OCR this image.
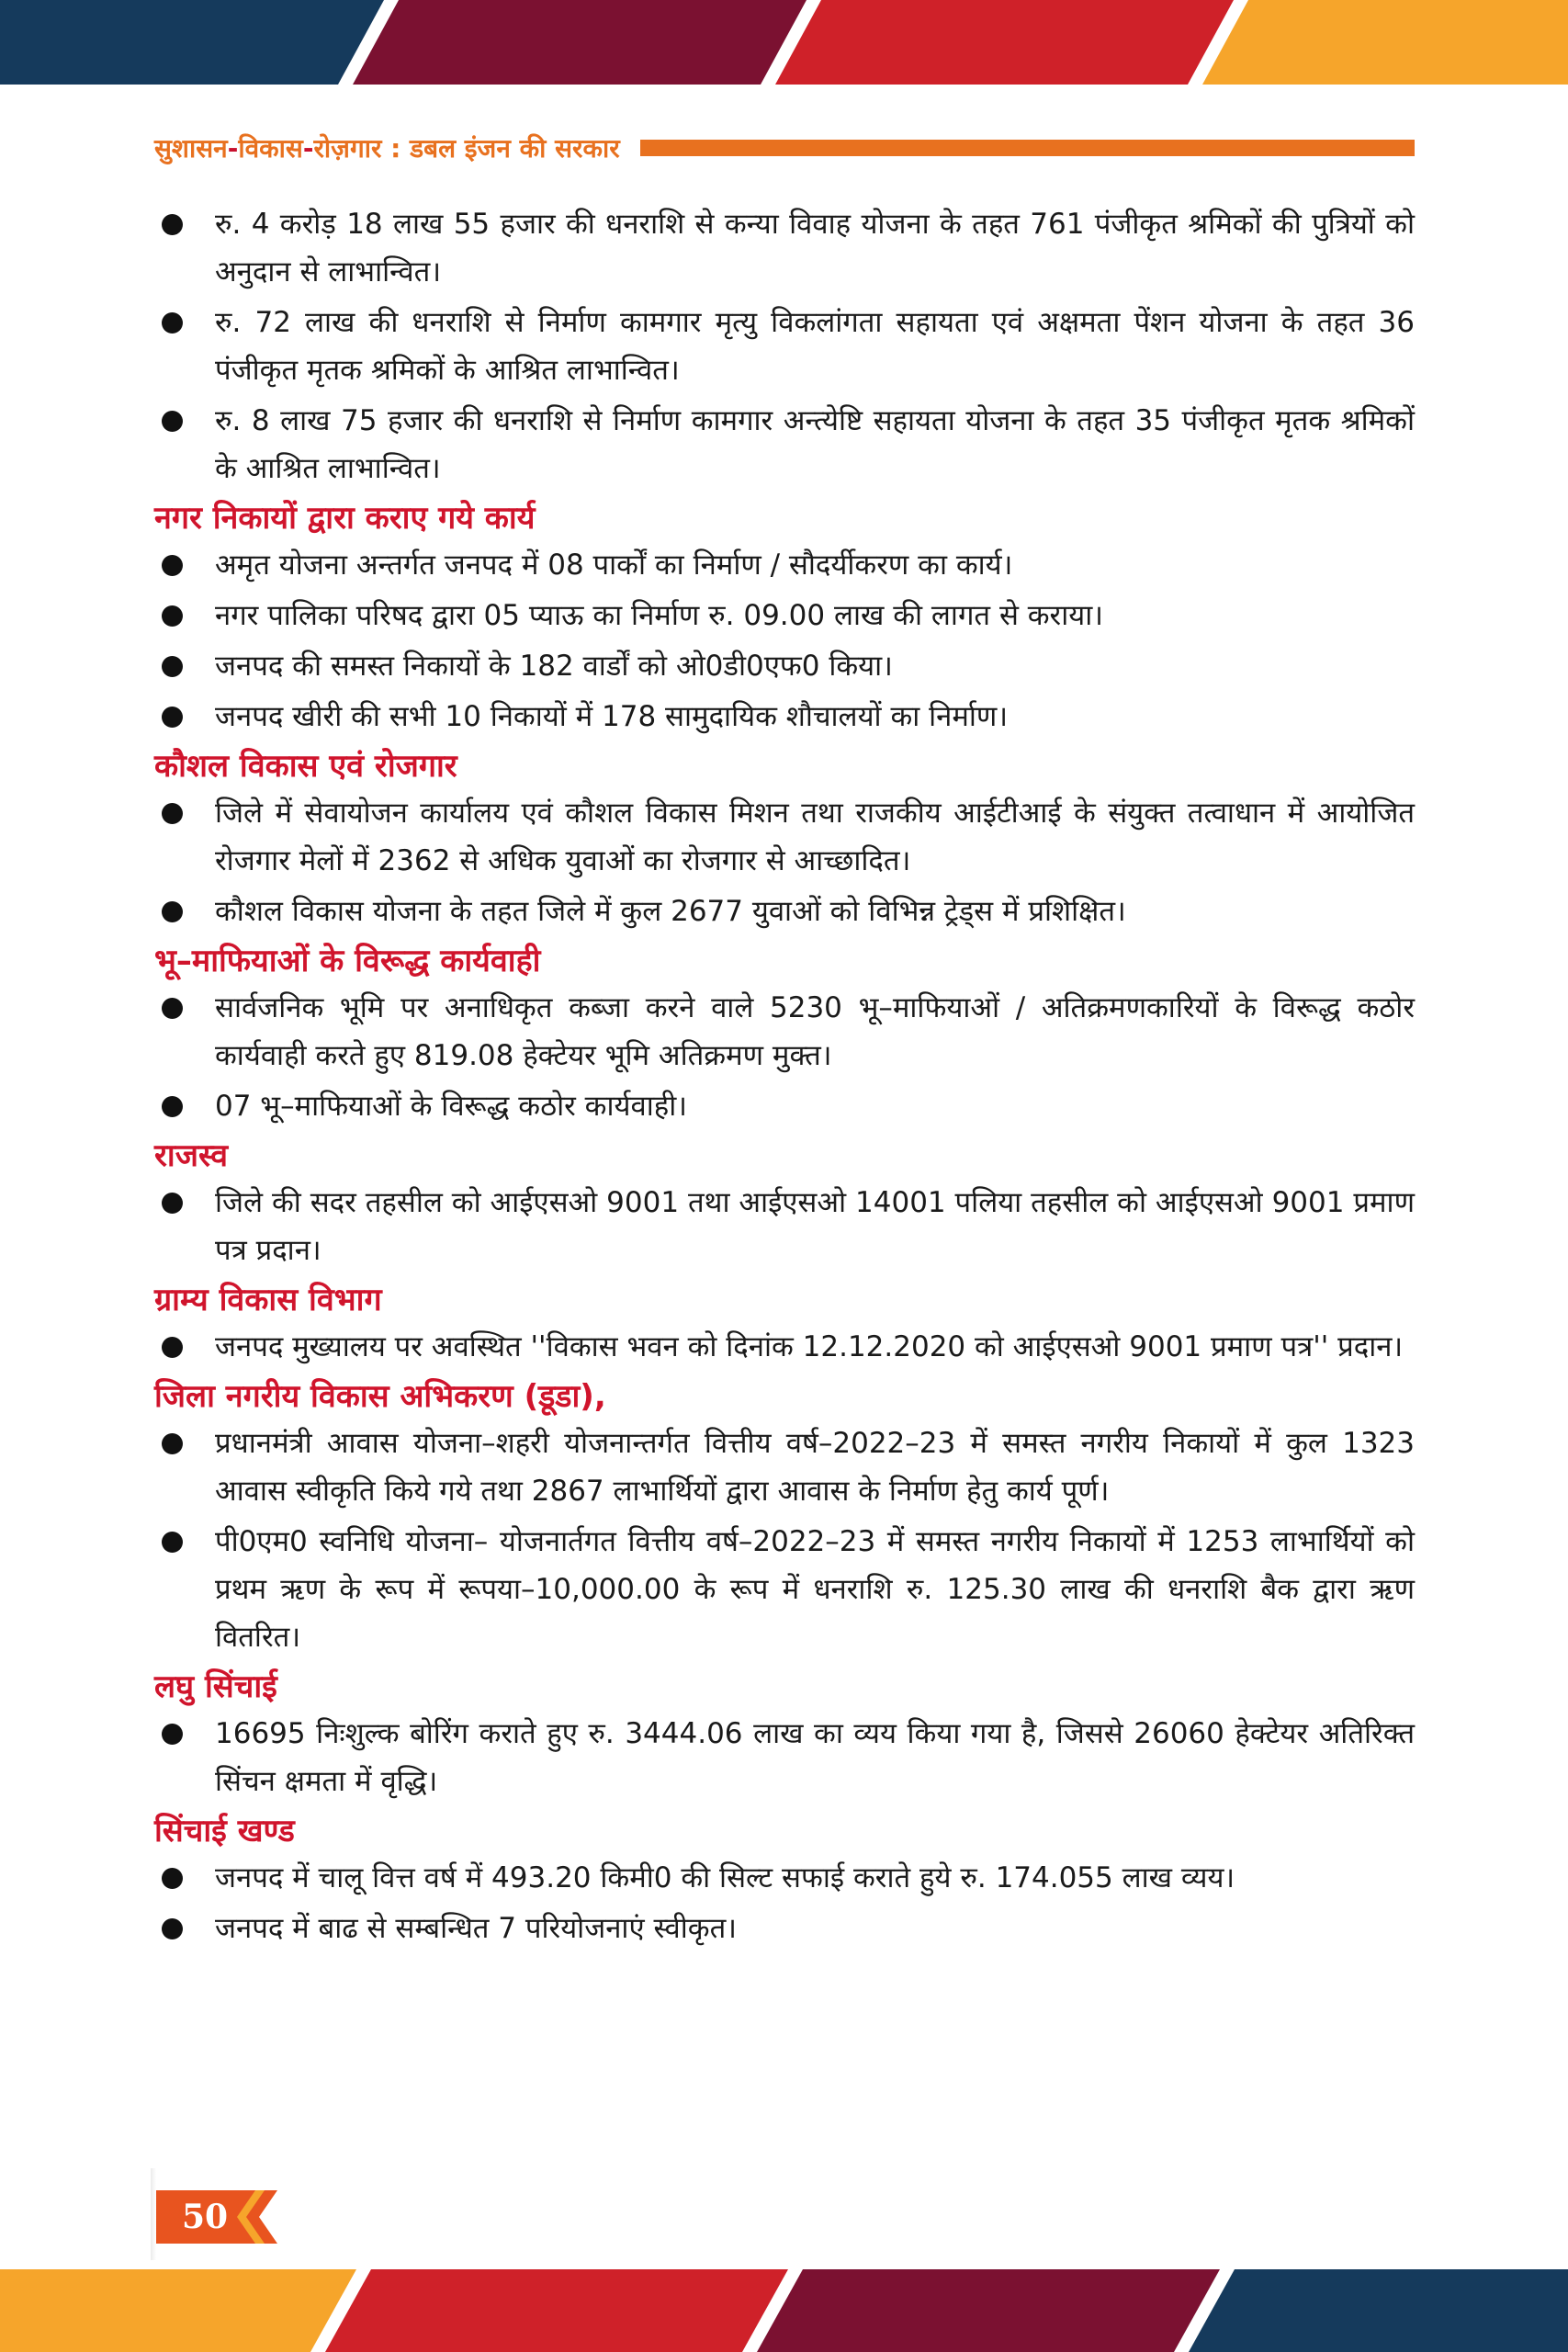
सुशासन-विकास-रोज़गार : डबल इंजन की सरकार
रु. 4 करोड़ 18 लाख 55 हजार की धनराशि से कन्या विवाह योजना के तहत 761 पंजीकृत श्रमिकों की पुत्रियों को अनुदान से लाभान्वित।
रु. 72 लाख की धनराशि से निर्माण कामगार मृत्यु विकलांगता सहायता एवं अक्षमता पेंशन योजना के तहत 36 पंजीकृत मृतक श्रमिकों के आश्रित लाभान्वित।
रु. 8 लाख 75 हजार की धनराशि से निर्माण कामगार अन्त्येष्टि सहायता योजना के तहत 35 पंजीकृत मृतक श्रमिकों के आश्रित लाभान्वित।
नगर निकायों द्वारा कराए गये कार्य
अमृत योजना अन्तर्गत जनपद में 08 पार्कों का निर्माण / सौदर्यीकरण का कार्य।
नगर पालिका परिषद द्वारा 05 प्याऊ का निर्माण रु. 09.00 लाख की लागत से कराया।
जनपद की समस्त निकायों के 182 वार्डों को ओ0डी0एफ0 किया।
जनपद खीरी की सभी 10 निकायों में 178 सामुदायिक शौचालयों का निर्माण।
कौशल विकास एवं रोजगार
जिले में सेवायोजन कार्यालय एवं कौशल विकास मिशन तथा राजकीय आईटीआई के संयुक्त तत्वाधान में आयोजित रोजगार मेलों में 2362 से अधिक युवाओं का रोजगार से आच्छादित।
कौशल विकास योजना के तहत जिले में कुल 2677 युवाओं को विभिन्न ट्रेड्स में प्रशिक्षित।
भू–माफियाओं के विरूद्ध कार्यवाही
सार्वजनिक भूमि पर अनाधिकृत कब्जा करने वाले 5230 भू–माफियाओं / अतिक्रमणकारियों के विरूद्ध कठोर कार्यवाही करते हुए 819.08 हेक्टेयर भूमि अतिक्रमण मुक्त।
07 भू–माफियाओं के विरूद्ध कठोर कार्यवाही।
राजस्व
जिले की सदर तहसील को आईएसओ 9001 तथा आईएसओ 14001 पलिया तहसील को आईएसओ 9001 प्रमाण पत्र प्रदान।
ग्राम्य विकास विभाग
जनपद मुख्यालय पर अवस्थित ''विकास भवन को दिनांक 12.12.2020 को आईएसओ 9001 प्रमाण पत्र'' प्रदान।
जिला नगरीय विकास अभिकरण (डूडा),
प्रधानमंत्री आवास योजना–शहरी योजनान्तर्गत वित्तीय वर्ष–2022–23 में समस्त नगरीय निकायों में कुल 1323 आवास स्वीकृति किये गये तथा 2867 लाभार्थियों द्वारा आवास के निर्माण हेतु कार्य पूर्ण।
पी0एम0 स्वनिधि योजना– योजनार्तगत वित्तीय वर्ष–2022–23 में समस्त नगरीय निकायों में 1253 लाभार्थियों को प्रथम ऋण के रूप में रूपया–10,000.00 के रूप में धनराशि रु. 125.30 लाख की धनराशि बैक द्वारा ऋण वितरित।
लघु सिंचाई
16695 निःशुल्क बोरिंग कराते हुए रु. 3444.06 लाख का व्यय किया गया है, जिससे 26060 हेक्टेयर अतिरिक्त सिंचन क्षमता में वृद्धि।
सिंचाई खण्ड
जनपद में चालू वित्त वर्ष में 493.20 किमी0 की सिल्ट सफाई कराते हुये रु. 174.055 लाख व्यय।
जनपद में बाढ से सम्बन्धित 7 परियोजनाएं स्वीकृत।
50
